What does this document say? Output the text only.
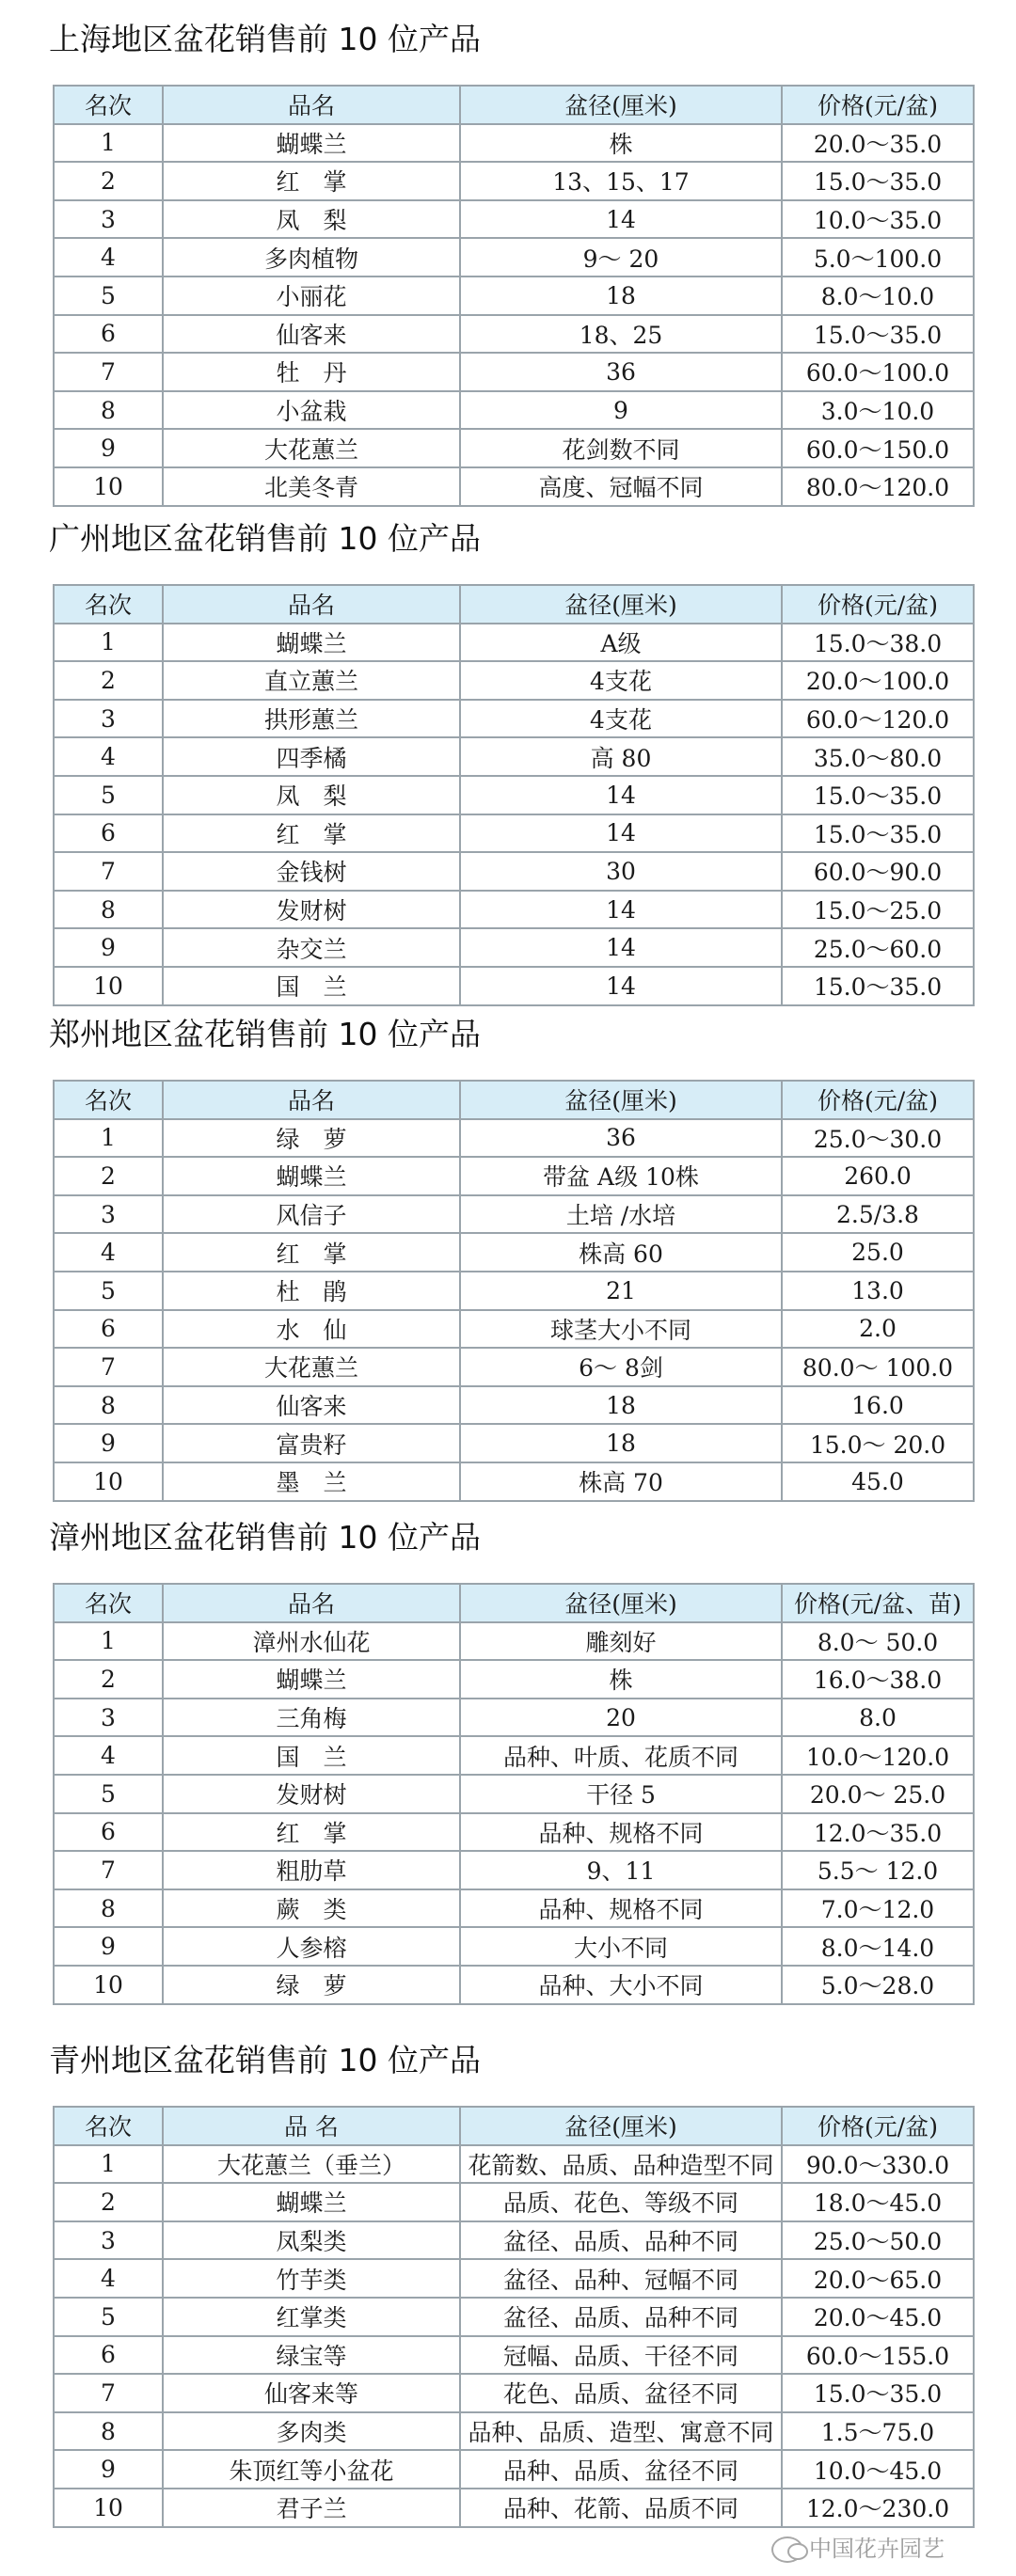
上海地区盆花销售前 10 位产品
名次	品名	盆径(厘米)	价格(元/盆)
1	蝴蝶兰	株	20.0～35.0
2	红　掌	13、15、17	15.0～35.0
3	凤　梨	14	10.0～35.0
4	多肉植物	9～ 20	5.0～100.0
5	小丽花	18	8.0～10.0
6	仙客来	18、25	15.0～35.0
7	牡　丹	36	60.0～100.0
8	小盆栽	9	3.0～10.0
9	大花蕙兰	花剑数不同	60.0～150.0
10	北美冬青	高度、冠幅不同	80.0～120.0
广州地区盆花销售前 10 位产品
名次	品名	盆径(厘米)	价格(元/盆)
1	蝴蝶兰	A级	15.0～38.0
2	直立蕙兰	4支花	20.0～100.0
3	拱形蕙兰	4支花	60.0～120.0
4	四季橘	高 80	35.0～80.0
5	凤　梨	14	15.0～35.0
6	红　掌	14	15.0～35.0
7	金钱树	30	60.0～90.0
8	发财树	14	15.0～25.0
9	杂交兰	14	25.0～60.0
10	国　兰	14	15.0～35.0
郑州地区盆花销售前 10 位产品
名次	品名	盆径(厘米)	价格(元/盆)
1	绿　萝	36	25.0～30.0
2	蝴蝶兰	带盆 A级 10株	260.0
3	风信子	土培 /水培	2.5/3.8
4	红　掌	株高 60	25.0
5	杜　鹃	21	13.0
6	水　仙	球茎大小不同	2.0
7	大花蕙兰	6～ 8剑	80.0～ 100.0
8	仙客来	18	16.0
9	富贵籽	18	15.0～ 20.0
10	墨　兰	株高 70	45.0
漳州地区盆花销售前 10 位产品
名次	品名	盆径(厘米)	价格(元/盆、苗)
1	漳州水仙花	雕刻好	8.0～ 50.0
2	蝴蝶兰	株	16.0～38.0
3	三角梅	20	8.0
4	国　兰	品种、叶质、花质不同	10.0～120.0
5	发财树	干径 5	20.0～ 25.0
6	红　掌	品种、规格不同	12.0～35.0
7	粗肋草	9、11	5.5～ 12.0
8	蕨　类	品种、规格不同	7.0～12.0
9	人参榕	大小不同	8.0～14.0
10	绿　萝	品种、大小不同	5.0～28.0
青州地区盆花销售前 10 位产品
名次	品 名	盆径(厘米)	价格(元/盆)
1	大花蕙兰（垂兰）	花箭数、品质、品种造型不同	90.0～330.0
2	蝴蝶兰	品质、花色、等级不同	18.0～45.0
3	凤梨类	盆径、品质、品种不同	25.0～50.0
4	竹芋类	盆径、品种、冠幅不同	20.0～65.0
5	红掌类	盆径、品质、品种不同	20.0～45.0
6	绿宝等	冠幅、品质、干径不同	60.0～155.0
7	仙客来等	花色、品质、盆径不同	15.0～35.0
8	多肉类	品种、品质、造型、寓意不同	1.5～75.0
9	朱顶红等小盆花	品种、品质、盆径不同	10.0～45.0
10	君子兰	品种、花箭、品质不同	12.0～230.0
中国花卉园艺
